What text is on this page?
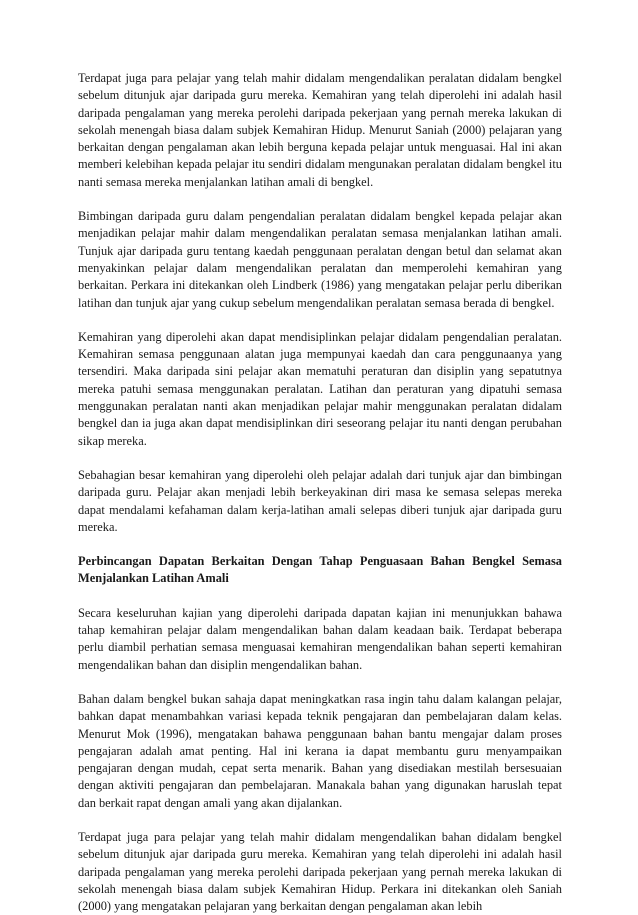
Terdapat juga para pelajar yang telah mahir didalam mengendalikan peralatan didalam bengkel sebelum ditunjuk ajar daripada guru mereka. Kemahiran yang telah diperolehi ini adalah hasil daripada pengalaman yang mereka perolehi daripada pekerjaan yang pernah mereka lakukan di sekolah menengah biasa dalam subjek Kemahiran Hidup. Menurut Saniah (2000) pelajaran yang berkaitan dengan pengalaman akan lebih berguna kepada pelajar untuk menguasai. Hal ini akan memberi kelebihan kepada pelajar itu sendiri didalam mengunakan peralatan didalam bengkel itu nanti semasa mereka menjalankan latihan amali di bengkel.

Bimbingan daripada guru dalam pengendalian peralatan didalam bengkel kepada pelajar akan menjadikan pelajar mahir dalam mengendalikan peralatan semasa menjalankan latihan amali. Tunjuk ajar daripada guru tentang kaedah penggunaan peralatan dengan betul dan selamat akan menyakinkan pelajar dalam mengendalikan peralatan dan memperolehi kemahiran yang berkaitan. Perkara ini ditekankan oleh Lindberk (1986) yang mengatakan pelajar perlu diberikan latihan dan tunjuk ajar yang cukup sebelum mengendalikan peralatan semasa berada di bengkel.

Kemahiran yang diperolehi akan dapat mendisiplinkan pelajar didalam pengendalian peralatan. Kemahiran semasa penggunaan alatan juga mempunyai kaedah dan cara penggunaanya yang tersendiri. Maka daripada sini pelajar akan mematuhi peraturan dan disiplin yang sepatutnya mereka patuhi semasa menggunakan peralatan. Latihan dan peraturan yang dipatuhi semasa menggunakan peralatan nanti akan menjadikan pelajar mahir menggunakan peralatan didalam bengkel dan ia juga akan dapat mendisiplinkan diri seseorang pelajar itu nanti dengan perubahan sikap mereka.

Sebahagian besar kemahiran yang diperolehi oleh pelajar adalah dari tunjuk ajar dan bimbingan daripada guru. Pelajar akan menjadi lebih berkeyakinan diri masa ke semasa selepas mereka dapat mendalami kefahaman dalam kerja-latihan amali selepas diberi tunjuk ajar daripada guru mereka.

Perbincangan Dapatan Berkaitan Dengan Tahap Penguasaan Bahan Bengkel Semasa Menjalankan Latihan Amali

Secara keseluruhan kajian yang diperolehi daripada dapatan kajian ini menunjukkan bahawa tahap kemahiran pelajar dalam mengendalikan bahan dalam keadaan baik. Terdapat beberapa perlu diambil perhatian semasa menguasai kemahiran mengendalikan bahan seperti kemahiran mengendalikan bahan dan disiplin mengendalikan bahan.

Bahan dalam bengkel bukan sahaja dapat meningkatkan rasa ingin tahu dalam kalangan pelajar, bahkan dapat menambahkan variasi kepada teknik pengajaran dan pembelajaran dalam kelas. Menurut Mok (1996), mengatakan bahawa penggunaan bahan bantu mengajar dalam proses pengajaran adalah amat penting. Hal ini kerana ia dapat membantu guru menyampaikan pengajaran dengan mudah, cepat serta menarik. Bahan yang disediakan mestilah bersesuaian dengan aktiviti pengajaran dan pembelajaran. Manakala bahan yang digunakan haruslah tepat dan berkait rapat dengan amali yang akan dijalankan.

Terdapat juga para pelajar yang telah mahir didalam mengendalikan bahan didalam bengkel sebelum ditunjuk ajar daripada guru mereka. Kemahiran yang telah diperolehi ini adalah hasil daripada pengalaman yang mereka perolehi daripada pekerjaan yang pernah mereka lakukan di sekolah menengah biasa dalam subjek Kemahiran Hidup. Perkara ini ditekankan oleh Saniah (2000) yang mengatakan pelajaran yang berkaitan dengan pengalaman akan lebih
